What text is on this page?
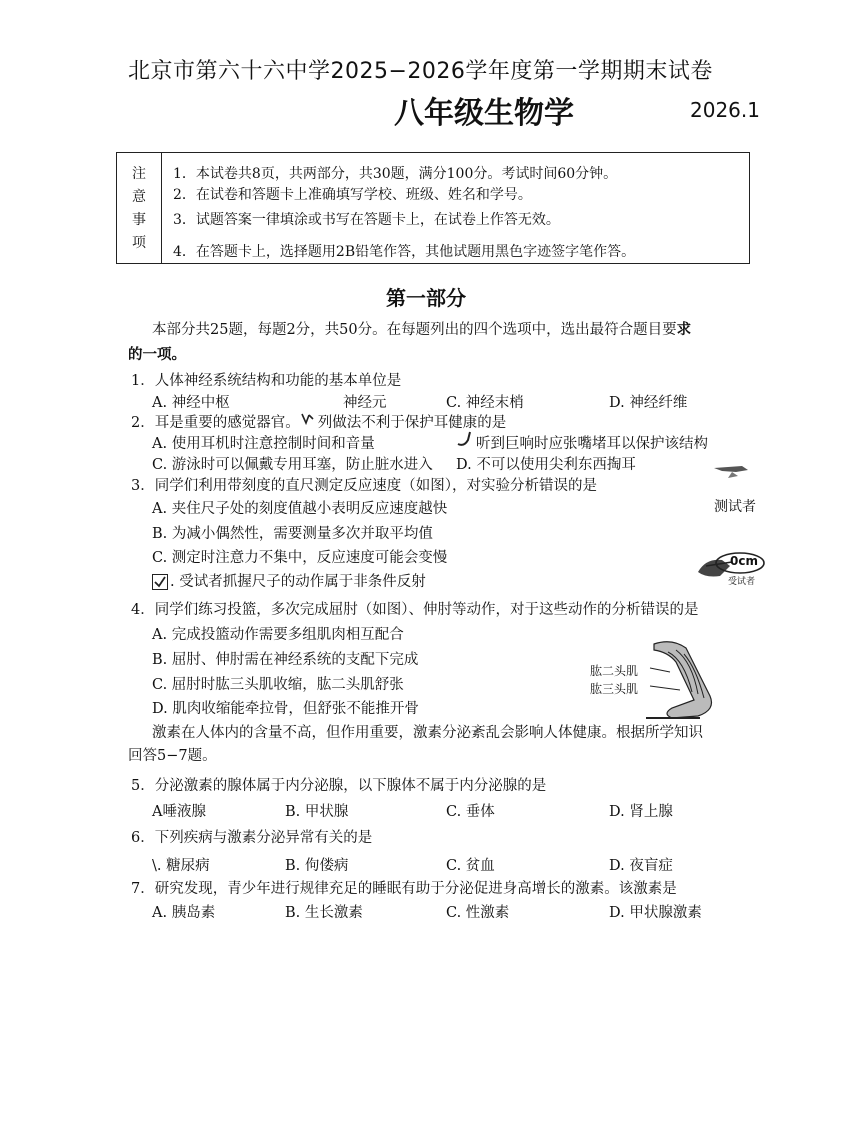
北京市第六十六中学2025−2026学年度第一学期期末试卷
八年级生物学	2026.1
注
意
事
项
1．本试卷共8页，共两部分，共30题，满分100分。考试时间60分钟。
2．在试卷和答题卡上准确填写学校、班级、姓名和学号。
3．试题答案一律填涂或书写在答题卡上，在试卷上作答无效。
4．在答题卡上，选择题用2B铅笔作答，其他试题用黑色字迹签字笔作答。
第一部分
本部分共25题，每题2分，共50分。在每题列出的四个选项中，选出最符合题目要求
的一项。
1．人体神经系统结构和功能的基本单位是
A. 神经中枢	神经元	C. 神经末梢	D. 神经纤维
2．耳是重要的感觉器官。 列做法不利于保护耳健康的是
A. 使用耳机时注意控制时间和音量	听到巨响时应张嘴堵耳以保护该结构
C. 游泳时可以佩戴专用耳塞，防止脏水进入 D. 不可以使用尖利东西掏耳
3．同学们利用带刻度的直尺测定反应速度（如图），对实验分析错误的是
A. 夹住尺子处的刻度值越小表明反应速度越快
B. 为减小偶然性，需要测量多次并取平均值
C. 测定时注意力不集中，反应速度可能会变慢
. 受试者抓握尺子的动作属于非条件反射
测试者
0cm
受试者
4．同学们练习投篮，多次完成屈肘（如图）、伸肘等动作，对于这些动作的分析错误的是
A. 完成投篮动作需要多组肌肉相互配合
B. 屈肘、伸肘需在神经系统的支配下完成
C. 屈肘时肱三头肌收缩，肱二头肌舒张
D. 肌肉收缩能牵拉骨，但舒张不能推开骨
肱二头肌
肱三头肌
激素在人体内的含量不高，但作用重要，激素分泌紊乱会影响人体健康。根据所学知识
回答5−7题。
5．分泌激素的腺体属于内分泌腺，以下腺体不属于内分泌腺的是
A唾液腺	B. 甲状腺	C. 垂体	D. 肾上腺
6．下列疾病与激素分泌异常有关的是
\. 糖尿病	B. 佝偻病	C. 贫血	D. 夜盲症
7．研究发现，青少年进行规律充足的睡眠有助于分泌促进身高增长的激素。该激素是
A. 胰岛素	B. 生长激素	C. 性激素	D. 甲状腺激素
